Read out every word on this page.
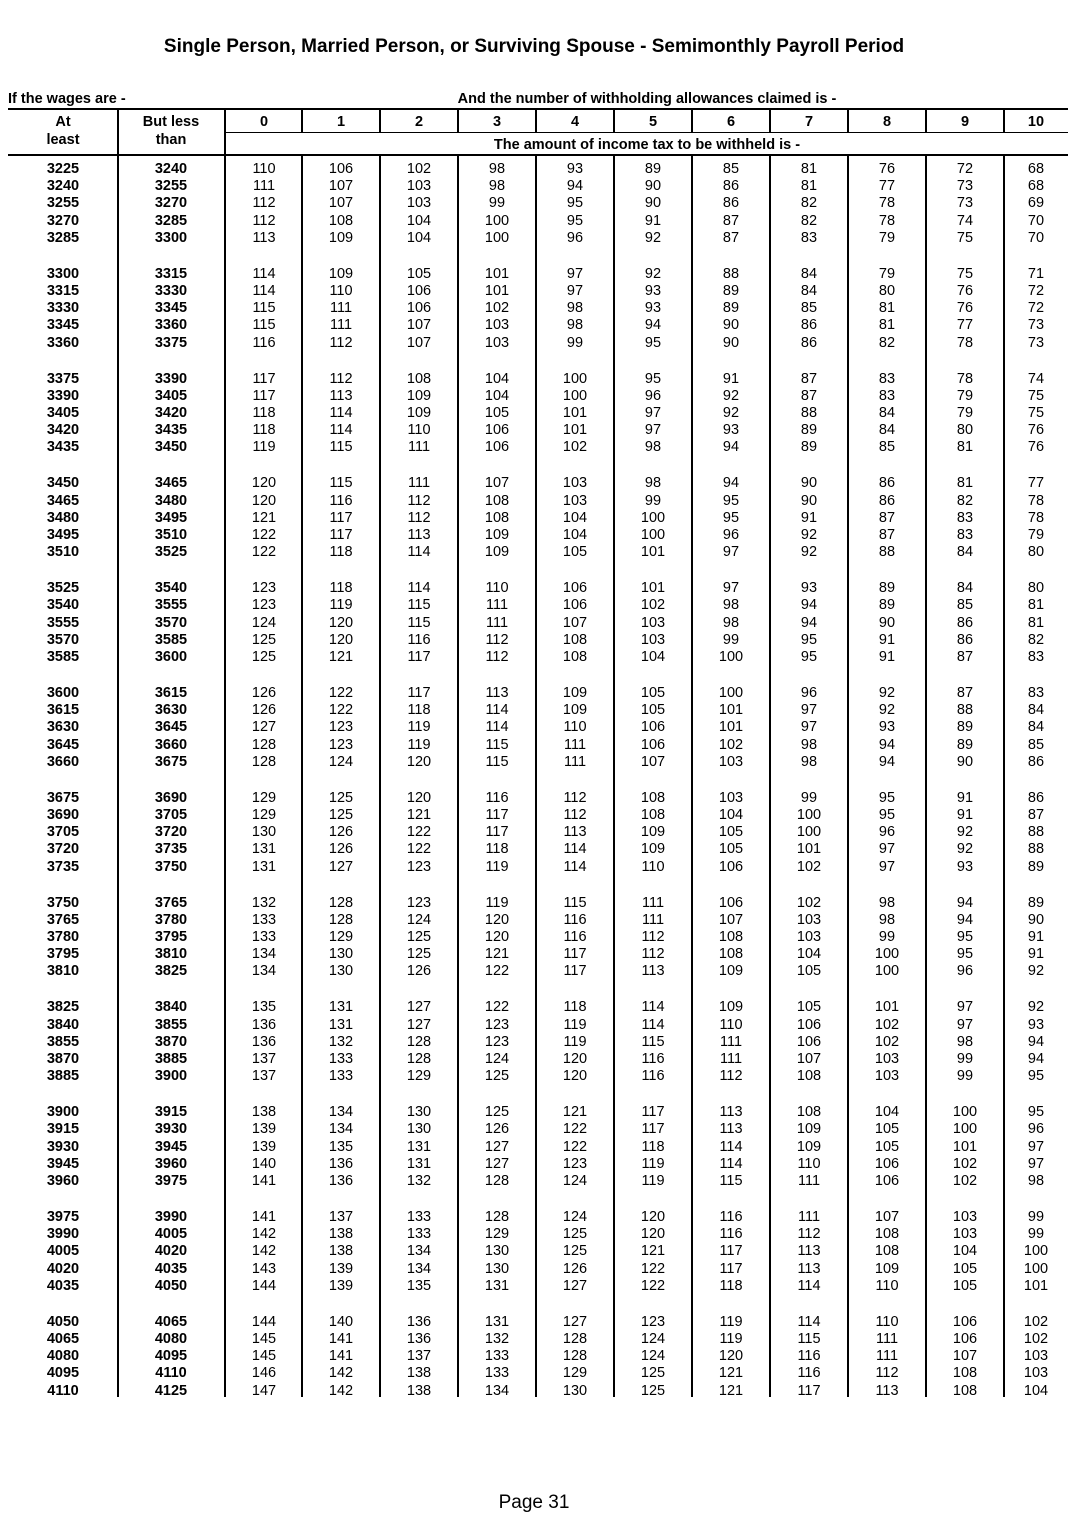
Single Person, Married Person, or Surviving Spouse - Semimonthly Payroll Period
If the wages are -	And the number of withholding allowances claimed is -
At
least
But less
than
0	1	2	3	4	5	6	7	8	9	10
The amount of income tax to be withheld is -
3225	3240	110	106	102	98	93	89	85	81	76	72	68
3240	3255	111	107	103	98	94	90	86	81	77	73	68
3255	3270	112	107	103	99	95	90	86	82	78	73	69
3270	3285	112	108	104	100	95	91	87	82	78	74	70
3285	3300	113	109	104	100	96	92	87	83	79	75	70
3300	3315	114	109	105	101	97	92	88	84	79	75	71
3315	3330	114	110	106	101	97	93	89	84	80	76	72
3330	3345	115	111	106	102	98	93	89	85	81	76	72
3345	3360	115	111	107	103	98	94	90	86	81	77	73
3360	3375	116	112	107	103	99	95	90	86	82	78	73
3375	3390	117	112	108	104	100	95	91	87	83	78	74
3390	3405	117	113	109	104	100	96	92	87	83	79	75
3405	3420	118	114	109	105	101	97	92	88	84	79	75
3420	3435	118	114	110	106	101	97	93	89	84	80	76
3435	3450	119	115	111	106	102	98	94	89	85	81	76
3450	3465	120	115	111	107	103	98	94	90	86	81	77
3465	3480	120	116	112	108	103	99	95	90	86	82	78
3480	3495	121	117	112	108	104	100	95	91	87	83	78
3495	3510	122	117	113	109	104	100	96	92	87	83	79
3510	3525	122	118	114	109	105	101	97	92	88	84	80
3525	3540	123	118	114	110	106	101	97	93	89	84	80
3540	3555	123	119	115	111	106	102	98	94	89	85	81
3555	3570	124	120	115	111	107	103	98	94	90	86	81
3570	3585	125	120	116	112	108	103	99	95	91	86	82
3585	3600	125	121	117	112	108	104	100	95	91	87	83
3600	3615	126	122	117	113	109	105	100	96	92	87	83
3615	3630	126	122	118	114	109	105	101	97	92	88	84
3630	3645	127	123	119	114	110	106	101	97	93	89	84
3645	3660	128	123	119	115	111	106	102	98	94	89	85
3660	3675	128	124	120	115	111	107	103	98	94	90	86
3675	3690	129	125	120	116	112	108	103	99	95	91	86
3690	3705	129	125	121	117	112	108	104	100	95	91	87
3705	3720	130	126	122	117	113	109	105	100	96	92	88
3720	3735	131	126	122	118	114	109	105	101	97	92	88
3735	3750	131	127	123	119	114	110	106	102	97	93	89
3750	3765	132	128	123	119	115	111	106	102	98	94	89
3765	3780	133	128	124	120	116	111	107	103	98	94	90
3780	3795	133	129	125	120	116	112	108	103	99	95	91
3795	3810	134	130	125	121	117	112	108	104	100	95	91
3810	3825	134	130	126	122	117	113	109	105	100	96	92
3825	3840	135	131	127	122	118	114	109	105	101	97	92
3840	3855	136	131	127	123	119	114	110	106	102	97	93
3855	3870	136	132	128	123	119	115	111	106	102	98	94
3870	3885	137	133	128	124	120	116	111	107	103	99	94
3885	3900	137	133	129	125	120	116	112	108	103	99	95
3900	3915	138	134	130	125	121	117	113	108	104	100	95
3915	3930	139	134	130	126	122	117	113	109	105	100	96
3930	3945	139	135	131	127	122	118	114	109	105	101	97
3945	3960	140	136	131	127	123	119	114	110	106	102	97
3960	3975	141	136	132	128	124	119	115	111	106	102	98
3975	3990	141	137	133	128	124	120	116	111	107	103	99
3990	4005	142	138	133	129	125	120	116	112	108	103	99
4005	4020	142	138	134	130	125	121	117	113	108	104	100
4020	4035	143	139	134	130	126	122	117	113	109	105	100
4035	4050	144	139	135	131	127	122	118	114	110	105	101
4050	4065	144	140	136	131	127	123	119	114	110	106	102
4065	4080	145	141	136	132	128	124	119	115	111	106	102
4080	4095	145	141	137	133	128	124	120	116	111	107	103
4095	4110	146	142	138	133	129	125	121	116	112	108	103
4110	4125	147	142	138	134	130	125	121	117	113	108	104
Page 31
